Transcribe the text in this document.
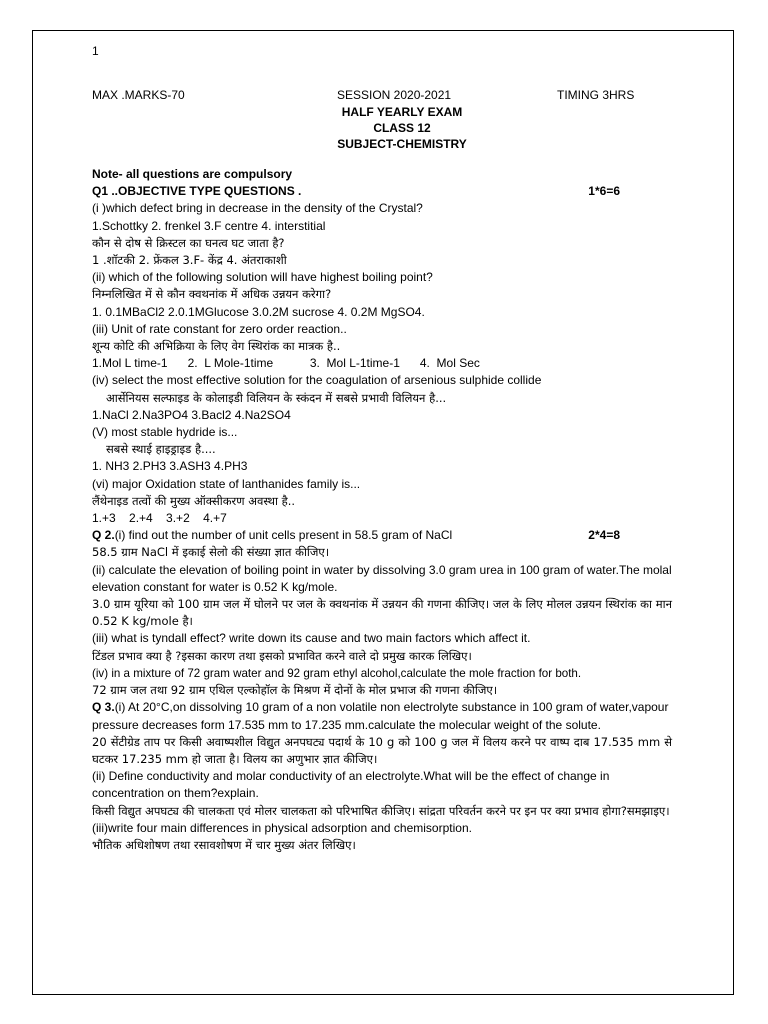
1
MAX .MARKS-70	SESSION 2020-2021	TIMING 3HRS
HALF YEARLY EXAM
CLASS 12
SUBJECT-CHEMISTRY
Note- all questions are compulsory
Q1 ..OBJECTIVE TYPE QUESTIONS .	1*6=6
(i )which defect bring in decrease in the density of the Crystal?
1.Schottky 2. frenkel 3.F centre 4. interstitial
कौन से दोष से क्रिस्टल का घनत्व घट जाता है?
1 .शॉटकी 2. फ्रेंकल 3.F- केंद्र 4. अंतराकाशी
(ii) which of the following solution will have highest boiling point?
निम्नलिखित में से कौन क्वथनांक में अधिक उन्नयन करेगा?
1. 0.1MBaCl2 2.0.1MGlucose 3.0.2M sucrose 4. 0.2M MgSO4.
(iii) Unit of rate constant for zero order reaction..
शून्य कोटि की अभिक्रिया के लिए वेग स्थिरांक का मात्रक है..
1.Mol L time-1      2.  L Mole-1time           3.  Mol L-1time-1      4.  Mol Sec
(iv) select the most effective solution for the coagulation of arsenious sulphide collide
आर्सेनियस सल्फाइड के कोलाइडी विलियन के स्कंदन में सबसे प्रभावी विलियन है...
1.NaCl 2.Na3PO4 3.Bacl2 4.Na2SO4
(V) most stable hydride is...
सबसे स्थाई हाइड्राइड है....
1. NH3 2.PH3 3.ASH3 4.PH3
(vi) major Oxidation state of lanthanides family is...
लैंथेनाइड तत्वों की मुख्य ऑक्सीकरण अवस्था है..
1.+3    2.+4    3.+2    4.+7
Q 2.(i) find out the number of unit cells present in 58.5 gram of NaCl	2*4=8
58.5 ग्राम NaCl में इकाई सेलो की संख्या ज्ञात कीजिए।
(ii) calculate the elevation of boiling point in water by dissolving 3.0 gram urea in 100 gram of water.The molal elevation constant for water is 0.52 K kg/mole.
3.0 ग्राम यूरिया को 100 ग्राम जल में घोलने पर जल के क्वथनांक में उन्नयन की गणना कीजिए। जल के लिए मोलल उन्नयन स्थिरांक का मान 0.52 K kg/mole है।
(iii) what is tyndall effect? write down its cause and two main factors which affect it.
टिंडल प्रभाव क्या है ?इसका कारण तथा इसको प्रभावित करने वाले दो प्रमुख कारक लिखिए।
(iv) in a mixture of 72 gram water and 92 gram ethyl alcohol,calculate the mole fraction for both.
72 ग्राम जल तथा 92 ग्राम एथिल एल्कोहॉल के मिश्रण में दोनों के मोल प्रभाज की गणना कीजिए।
Q 3.(i) At 20°C,on dissolving 10 gram of a non volatile non electrolyte substance in 100 gram of water,vapour pressure decreases form 17.535 mm to 17.235 mm.calculate the molecular weight of the solute.
20 सेंटीग्रेड ताप पर किसी अवाष्पशील विद्युत अनपघट्य पदार्थ के 10 g को 100 g जल में विलय करने पर वाष्प दाब 17.535 mm से घटकर 17.235 mm हो जाता है। विलय का अणुभार ज्ञात कीजिए।
(ii) Define conductivity and molar conductivity of an electrolyte.What will be the effect of change in concentration on them?explain.
किसी विद्युत अपघट्य की चालकता एवं मोलर चालकता को परिभाषित कीजिए। सांद्रता परिवर्तन करने पर इन पर क्या प्रभाव होगा?समझाइए।
(iii)write four main differences in physical adsorption and chemisorption.
भौतिक अधिशोषण तथा रसावशोषण में चार मुख्य अंतर लिखिए।
